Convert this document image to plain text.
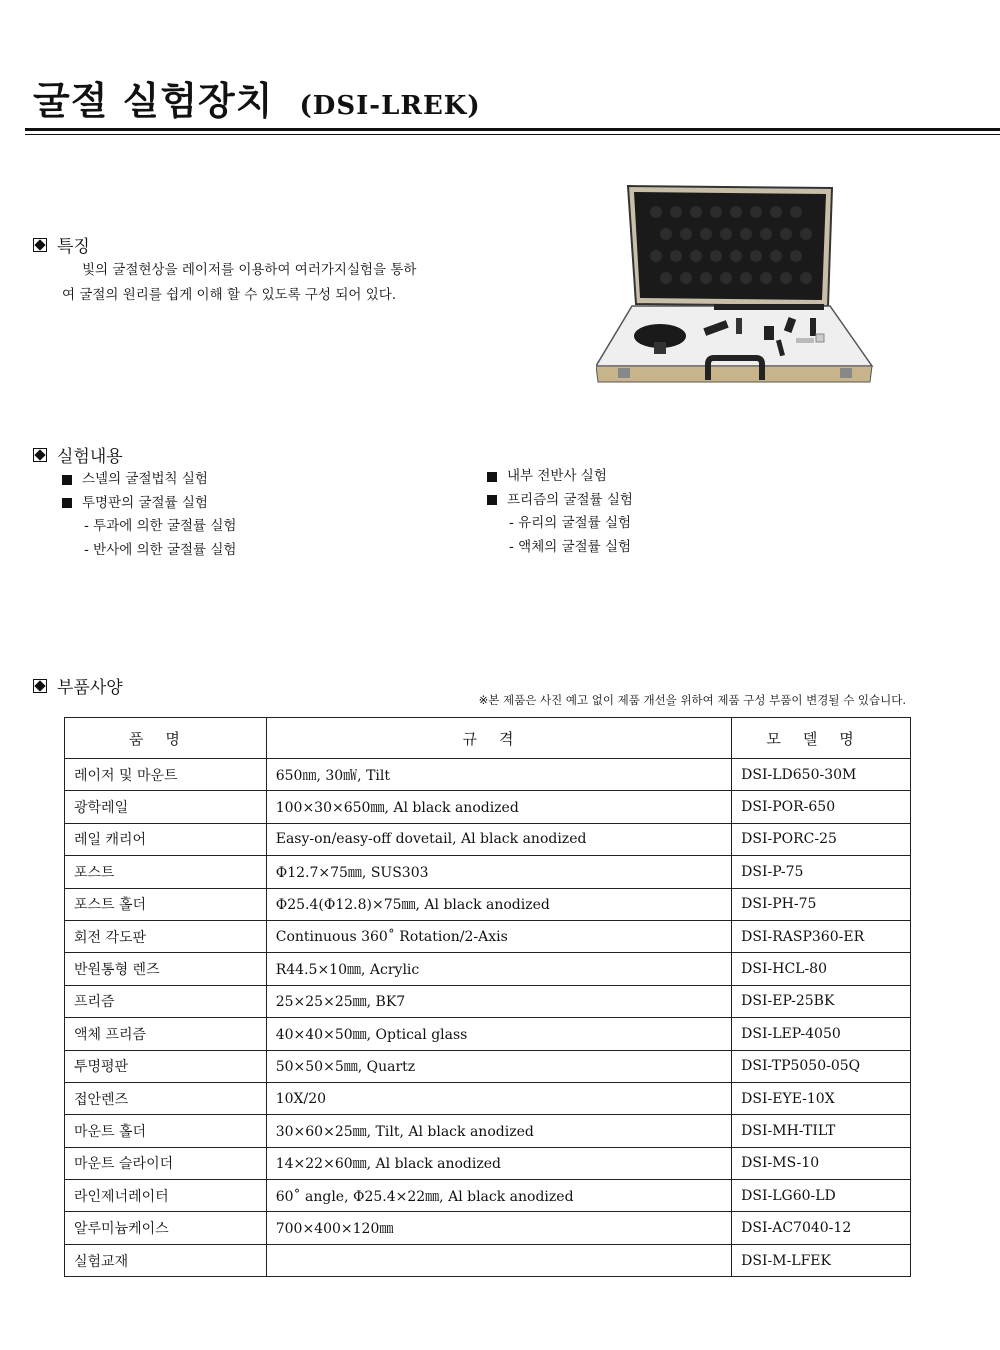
굴절 실험장치 (DSI-LREK)
특징
빛의 굴절현상을 레이저를 이용하여 여러가지실험을 통하
여 굴절의 원리를 쉽게 이해 할 수 있도록 구성 되어 있다.
실험내용
스넬의 굴절법칙 실험
투명판의 굴절률 실험
- 투과에 의한 굴절률 실험
- 반사에 의한 굴절률 실험
내부 전반사 실험
프리즘의 굴절률 실험
- 유리의 굴절률 실험
- 액체의 굴절률 실험
부품사양
※본 제품은 사진 예고 없이 제품 개선을 위하여 제품 구성 부품이 변경될 수 있습니다.
품명	규격	모델명
레이저 및 마운트	650㎚, 30㎽, Tilt	DSI-LD650-30M
광학레일	100×30×650㎜, Al black anodized	DSI-POR-650
레일 캐리어	Easy-on/easy-off dovetail, Al black anodized	DSI-PORC-25
포스트	Φ12.7×75㎜, SUS303	DSI-P-75
포스트 홀더	Φ25.4(Φ12.8)×75㎜, Al black anodized	DSI-PH-75
회전 각도판	Continuous 360˚ Rotation/2-Axis	DSI-RASP360-ER
반원통형 렌즈	R44.5×10㎜, Acrylic	DSI-HCL-80
프리즘	25×25×25㎜, BK7	DSI-EP-25BK
액체 프리즘	40×40×50㎜, Optical glass	DSI-LEP-4050
투명평판	50×50×5㎜, Quartz	DSI-TP5050-05Q
접안렌즈	10X/20	DSI-EYE-10X
마운트 홀더	30×60×25㎜, Tilt, Al black anodized	DSI-MH-TILT
마운트 슬라이더	14×22×60㎜, Al black anodized	DSI-MS-10
라인제너레이터	60˚ angle, Φ25.4×22㎜, Al black anodized	DSI-LG60-LD
알루미늄케이스	700×400×120㎜	DSI-AC7040-12
실험교재		DSI-M-LFEK
